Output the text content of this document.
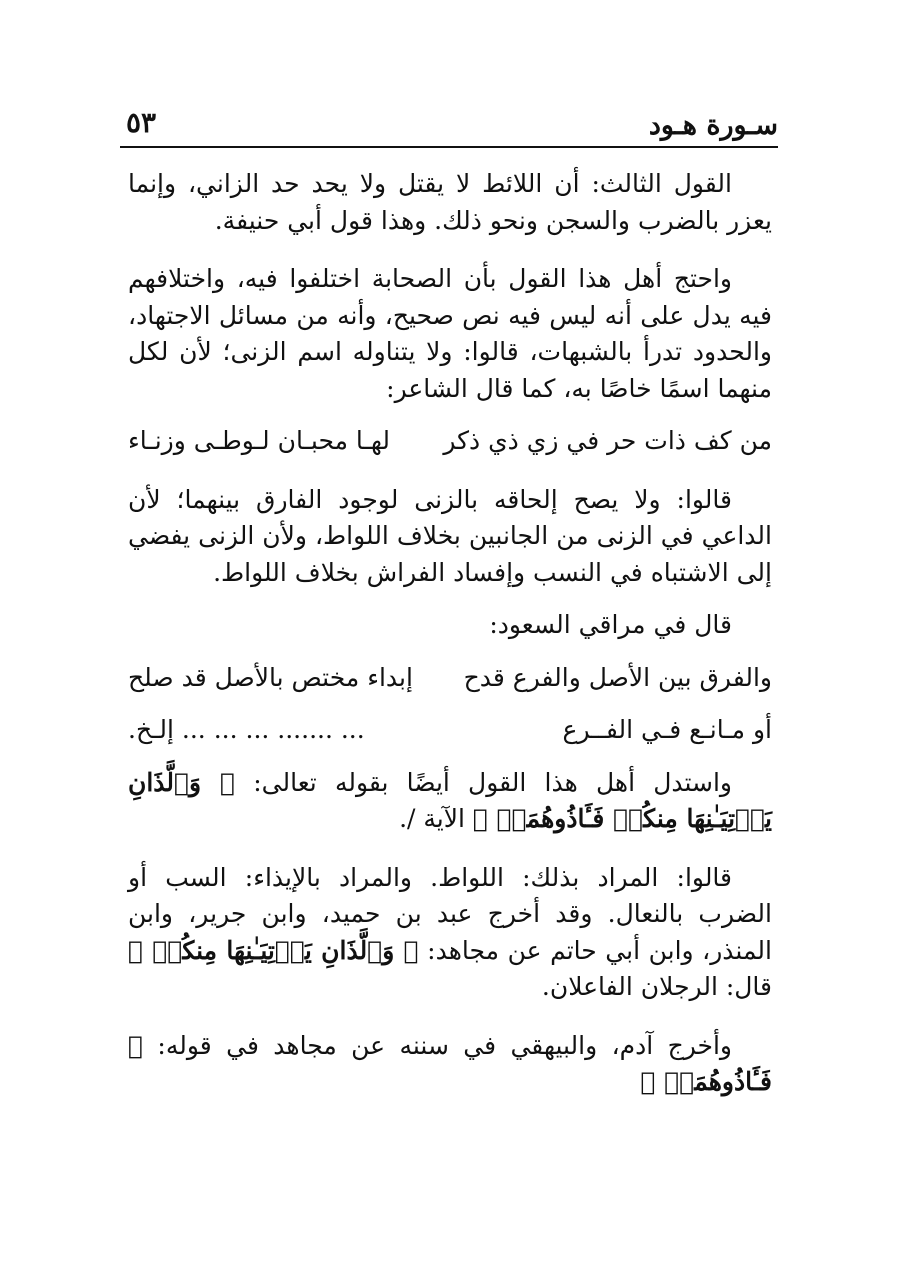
سـورة هـود
٥٣

القول الثالث: أن اللائط لا يقتل ولا يحد حد الزاني، وإنما يعزر بالضرب والسجن ونحو ذلك. وهذا قول أبي حنيفة.

واحتج أهل هذا القول بأن الصحابة اختلفوا فيه، واختلافهم فيه يدل على أنه ليس فيه نص صحيح، وأنه من مسائل الاجتهاد، والحدود تدرأ بالشبهات، قالوا: ولا يتناوله اسم الزنى؛ لأن لكل منهما اسمًا خاصًا به، كما قال الشاعر:

من كف ذات حر في زي ذي ذكر
لهـا محبـان لـوطـى وزنـاء

قالوا: ولا يصح إلحاقه بالزنى لوجود الفارق بينهما؛ لأن الداعي في الزنى من الجانبين بخلاف اللواط، ولأن الزنى يفضي إلى الاشتباه في النسب وإفساد الفراش بخلاف اللواط.

قال في مراقي السعود:

والفرق بين الأصل والفرع قدح
إبداء مختص بالأصل قد صلح
أو مـانـع فـي الفــرع
... ....... ... ... ... إلـخ.

واستدل أهل هذا القول أيضًا بقوله تعالى: ﴿ وَٱلَّذَانِ يَأۡتِيَـٰنِهَا مِنكُمۡ فَـَٔاذُوهُمَاۖ ﴾ الآية /.

قالوا: المراد بذلك: اللواط. والمراد بالإيذاء: السب أو الضرب بالنعال. وقد أخرج عبد بن حميد، وابن جرير، وابن المنذر، وابن أبي حاتم عن مجاهد: ﴿ وَٱلَّذَانِ يَأۡتِيَـٰنِهَا مِنكُمۡ ﴾ قال: الرجلان الفاعلان.

وأخرج آدم، والبيهقي في سننه عن مجاهد في قوله: ﴿ فَـَٔاذُوهُمَاۖ ﴾
